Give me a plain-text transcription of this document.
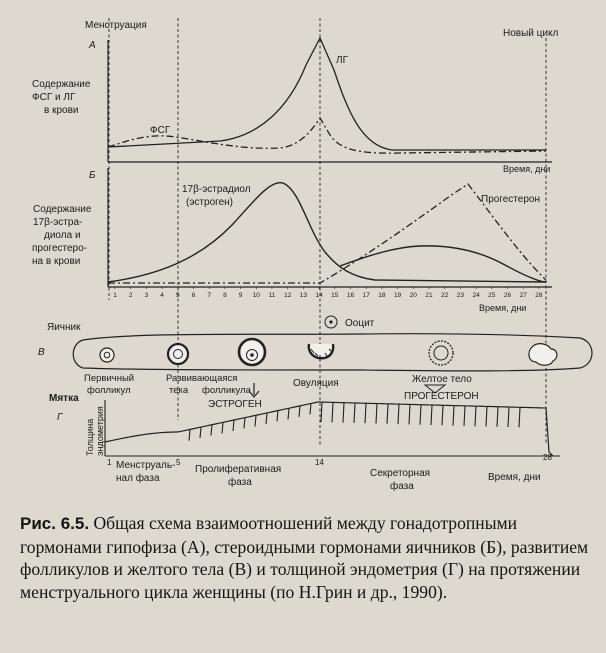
Менструация
Новый цикл
А
Содержание
ФСГ и ЛГ
в крови
ФСГ
ЛГ
Время, дни
Б
Содержание
17β-эстра-
диола и
прогестеро-
на в крови
17β-эстрадиол
(эстроген)	Прогестерон
1 2 3 4 5 6 7 8 9 10 11 12 13 14 15 16 17 18 19 20 21 22 23 24 25 26 27 28
Время, дни
Яичник
В
Ооцит
Первичный
фолликул
Развивающаяся
тека фолликула
ЭСТРОГЕН
Овуляция	Желтое тело
ПРОГЕСТЕРОН
Мятка
Г
Толщина эндометрия
1	5	14
28
Менструаль-
нал фаза
Пролиферативная
фаза
Секреторная
фаза
Время, дни
Рис. 6.5. Общая схема взаимоотношений между гонадотропными гормонами гипофиза (А), стероидными гормонами яичников (Б), развитием фолликулов и желтого тела (В) и толщиной эндометрия (Г) на протяжении менструального цикла женщины (по Н.Грин и др., 1990).
